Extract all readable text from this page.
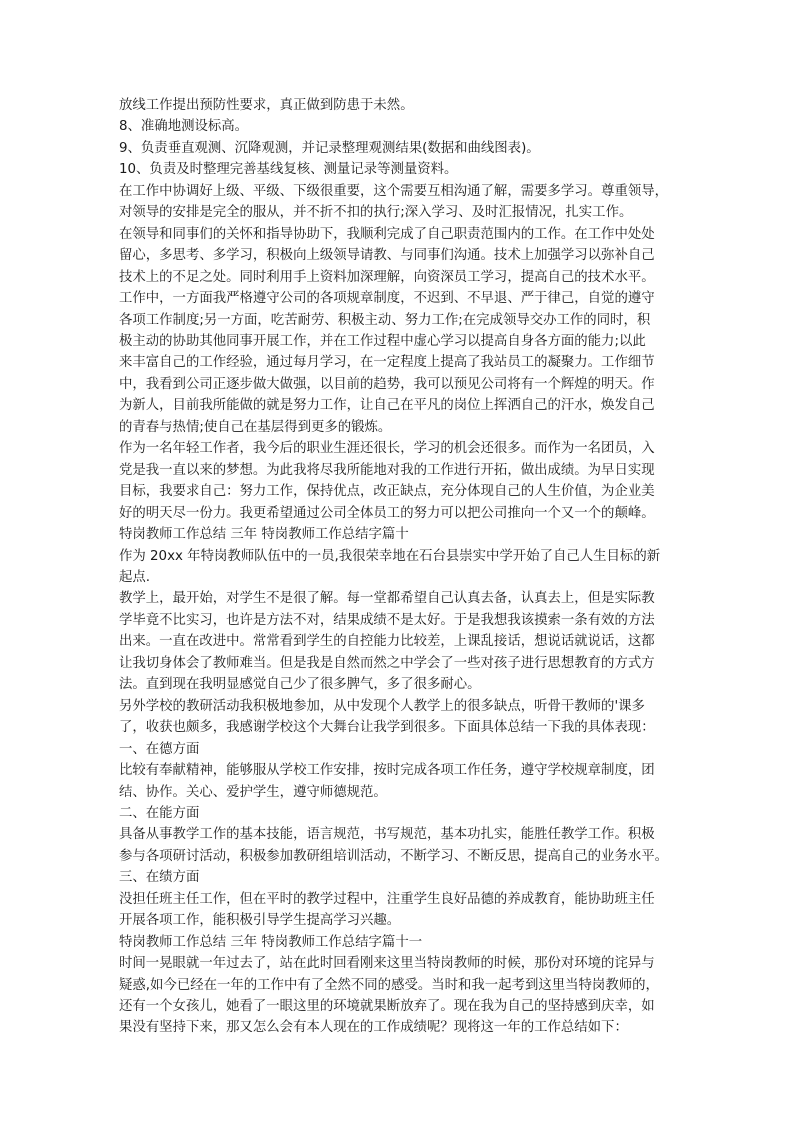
放线工作提出预防性要求，真正做到防患于未然。

8、准确地测设标高。

9、负责垂直观测、沉降观测，并记录整理观测结果(数据和曲线图表)。

10、负责及时整理完善基线复核、测量记录等测量资料。

在工作中协调好上级、平级、下级很重要，这个需要互相沟通了解，需要多学习。尊重领导，

对领导的安排是完全的服从，并不折不扣的执行;深入学习、及时汇报情况，扎实工作。

在领导和同事们的关怀和指导协助下，我顺利完成了自己职责范围内的工作。在工作中处处

留心，多思考、多学习，积极向上级领导请教、与同事们沟通。技术上加强学习以弥补自己

技术上的不足之处。同时利用手上资料加深理解，向资深员工学习，提高自己的技术水平。

工作中，一方面我严格遵守公司的各项规章制度，不迟到、不早退、严于律己，自觉的遵守

各项工作制度;另一方面，吃苦耐劳、积极主动、努力工作;在完成领导交办工作的同时，积

极主动的协助其他同事开展工作，并在工作过程中虚心学习以提高自身各方面的能力;以此

来丰富自己的工作经验，通过每月学习，在一定程度上提高了我站员工的凝聚力。工作细节

中，我看到公司正逐步做大做强，以目前的趋势，我可以预见公司将有一个辉煌的明天。作

为新人，目前我所能做的就是努力工作，让自己在平凡的岗位上挥洒自己的汗水，焕发自己

的青春与热情;使自己在基层得到更多的锻炼。

作为一名年轻工作者，我今后的职业生涯还很长，学习的机会还很多。而作为一名团员，入

党是我一直以来的梦想。为此我将尽我所能地对我的工作进行开拓，做出成绩。为早日实现

目标，我要求自己：努力工作，保持优点，改正缺点，充分体现自己的人生价值，为企业美

好的明天尽一份力。我更希望通过公司全体员工的努力可以把公司推向一个又一个的颠峰。

特岗教师工作总结 三年 特岗教师工作总结字篇十

作为 20xx 年特岗教师队伍中的一员,我很荣幸地在石台县崇实中学开始了自己人生目标的新

起点.

教学上，最开始，对学生不是很了解。每一堂都希望自己认真去备，认真去上，但是实际教

学毕竟不比实习，也许是方法不对，结果成绩不是太好。于是我想我该摸索一条有效的方法

出来。一直在改进中。常常看到学生的自控能力比较差，上课乱接话，想说话就说话，这都

让我切身体会了教师难当。但是我是自然而然之中学会了一些对孩子进行思想教育的方式方

法。直到现在我明显感觉自己少了很多脾气，多了很多耐心。

另外学校的教研活动我积极地参加，从中发现个人教学上的很多缺点，听骨干教师的'课多

了，收获也颇多，我感谢学校这个大舞台让我学到很多。下面具体总结一下我的具体表现：

一、在德方面

比较有奉献精神，能够服从学校工作安排，按时完成各项工作任务，遵守学校规章制度，团

结、协作。关心、爱护学生，遵守师德规范。

二、在能方面

具备从事教学工作的基本技能，语言规范，书写规范，基本功扎实，能胜任教学工作。积极

参与各项研讨活动，积极参加教研组培训活动，不断学习、不断反思，提高自己的业务水平。

三、在绩方面

没担任班主任工作，但在平时的教学过程中，注重学生良好品德的养成教育，能协助班主任

开展各项工作，能积极引导学生提高学习兴趣。

特岗教师工作总结 三年 特岗教师工作总结字篇十一

时间一晃眼就一年过去了，站在此时回看刚来这里当特岗教师的时候，那份对环境的诧异与

疑惑,如今已经在一年的工作中有了全然不同的感受。当时和我一起考到这里当特岗教师的，

还有一个女孩儿，她看了一眼这里的环境就果断放弃了。现在我为自己的坚持感到庆幸，如

果没有坚持下来，那又怎么会有本人现在的工作成绩呢？现将这一年的工作总结如下：
